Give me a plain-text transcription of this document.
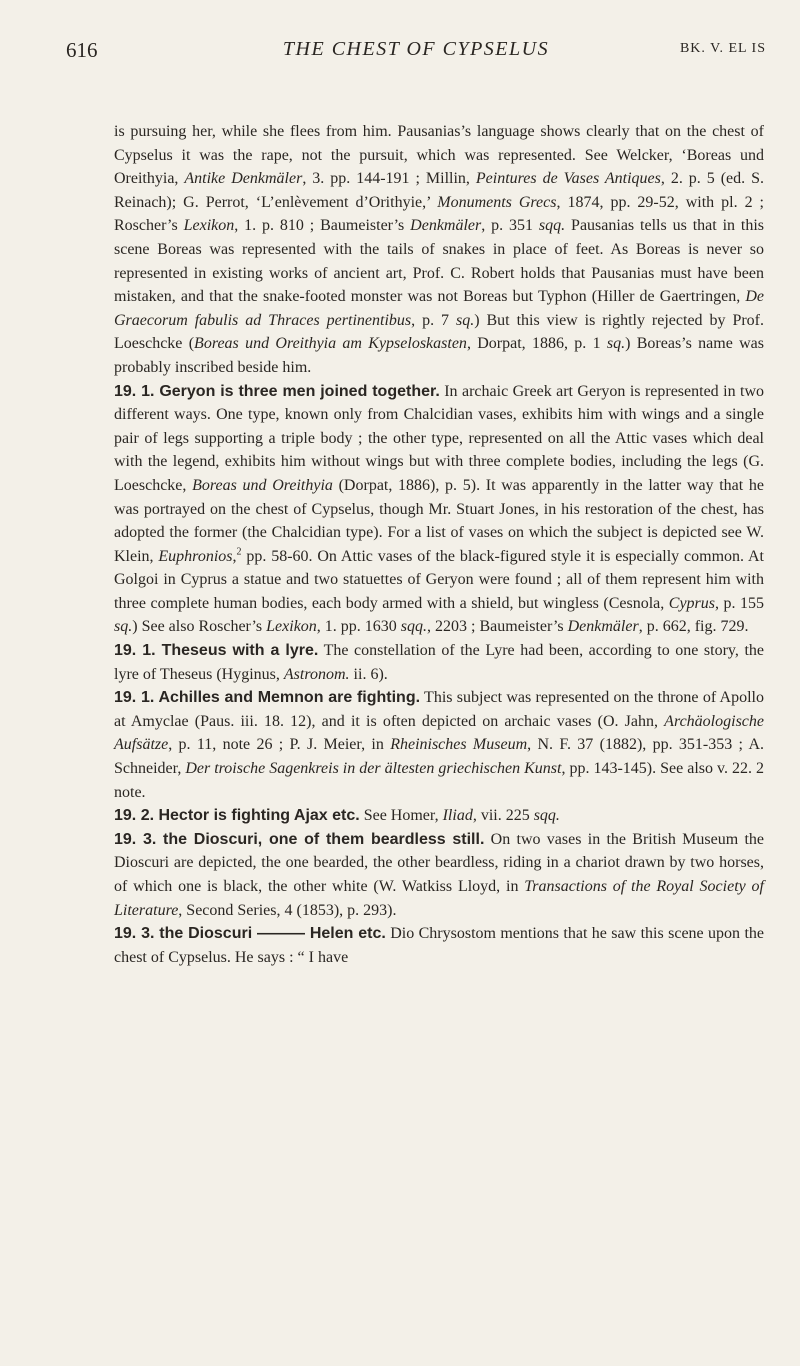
616	THE CHEST OF CYPSELUS	BK. V. EL IS

is pursuing her, while she flees from him. Pausanias’s language shows clearly that on the chest of Cypselus it was the rape, not the pursuit, which was represented. See Welcker, ‘Boreas und Oreithyia, Antike Denkmäler, 3. pp. 144-191 ; Millin, Peintures de Vases Antiques, 2. p. 5 (ed. S. Reinach); G. Perrot, ‘L’enlèvement d’Orithyie,’ Monuments Grecs, 1874, pp. 29-52, with pl. 2 ; Roscher’s Lexikon, 1. p. 810 ; Baumeister’s Denkmäler, p. 351 sqq. Pausanias tells us that in this scene Boreas was represented with the tails of snakes in place of feet. As Boreas is never so represented in existing works of ancient art, Prof. C. Robert holds that Pausanias must have been mistaken, and that the snake-footed monster was not Boreas but Typhon (Hiller de Gaertringen, De Graecorum fabulis ad Thraces pertinentibus, p. 7 sq.) But this view is rightly rejected by Prof. Loeschcke (Boreas und Oreithyia am Kypseloskasten, Dorpat, 1886, p. 1 sq.) Boreas’s name was probably inscribed beside him.

19. 1. Geryon is three men joined together. In archaic Greek art Geryon is represented in two different ways. One type, known only from Chalcidian vases, exhibits him with wings and a single pair of legs supporting a triple body ; the other type, represented on all the Attic vases which deal with the legend, exhibits him without wings but with three complete bodies, including the legs (G. Loeschcke, Boreas und Oreithyia (Dorpat, 1886), p. 5). It was apparently in the latter way that he was portrayed on the chest of Cypselus, though Mr. Stuart Jones, in his restoration of the chest, has adopted the former (the Chalcidian type). For a list of vases on which the subject is depicted see W. Klein, Euphronios,$^2$ pp. 58-60. On Attic vases of the black-figured style it is especially common. At Golgoi in Cyprus a statue and two statuettes of Geryon were found ; all of them represent him with three complete human bodies, each body armed with a shield, but wingless (Cesnola, Cyprus, p. 155 sq.) See also Roscher’s Lexikon, 1. pp. 1630 sqq., 2203 ; Baumeister’s Denkmäler, p. 662, fig. 729.

19. 1. Theseus with a lyre. The constellation of the Lyre had been, according to one story, the lyre of Theseus (Hyginus, Astronom. ii. 6).

19. 1. Achilles and Memnon are fighting. This subject was represented on the throne of Apollo at Amyclae (Paus. iii. 18. 12), and it is often depicted on archaic vases (O. Jahn, Archäologische Aufsätze, p. 11, note 26 ; P. J. Meier, in Rheinisches Museum, N. F. 37 (1882), pp. 351-353 ; A. Schneider, Der troische Sagenkreis in der ältesten griechischen Kunst, pp. 143-145). See also v. 22. 2 note.

19. 2. Hector is fighting Ajax etc. See Homer, Iliad, vii. 225 sqq.

19. 3. the Dioscuri, one of them beardless still. On two vases in the British Museum the Dioscuri are depicted, the one bearded, the other beardless, riding in a chariot drawn by two horses, of which one is black, the other white (W. Watkiss Lloyd, in Transactions of the Royal Society of Literature, Second Series, 4 (1853), p. 293).

19. 3. the Dioscuri ——— Helen etc. Dio Chrysostom mentions that he saw this scene upon the chest of Cypselus. He says : “ I have
